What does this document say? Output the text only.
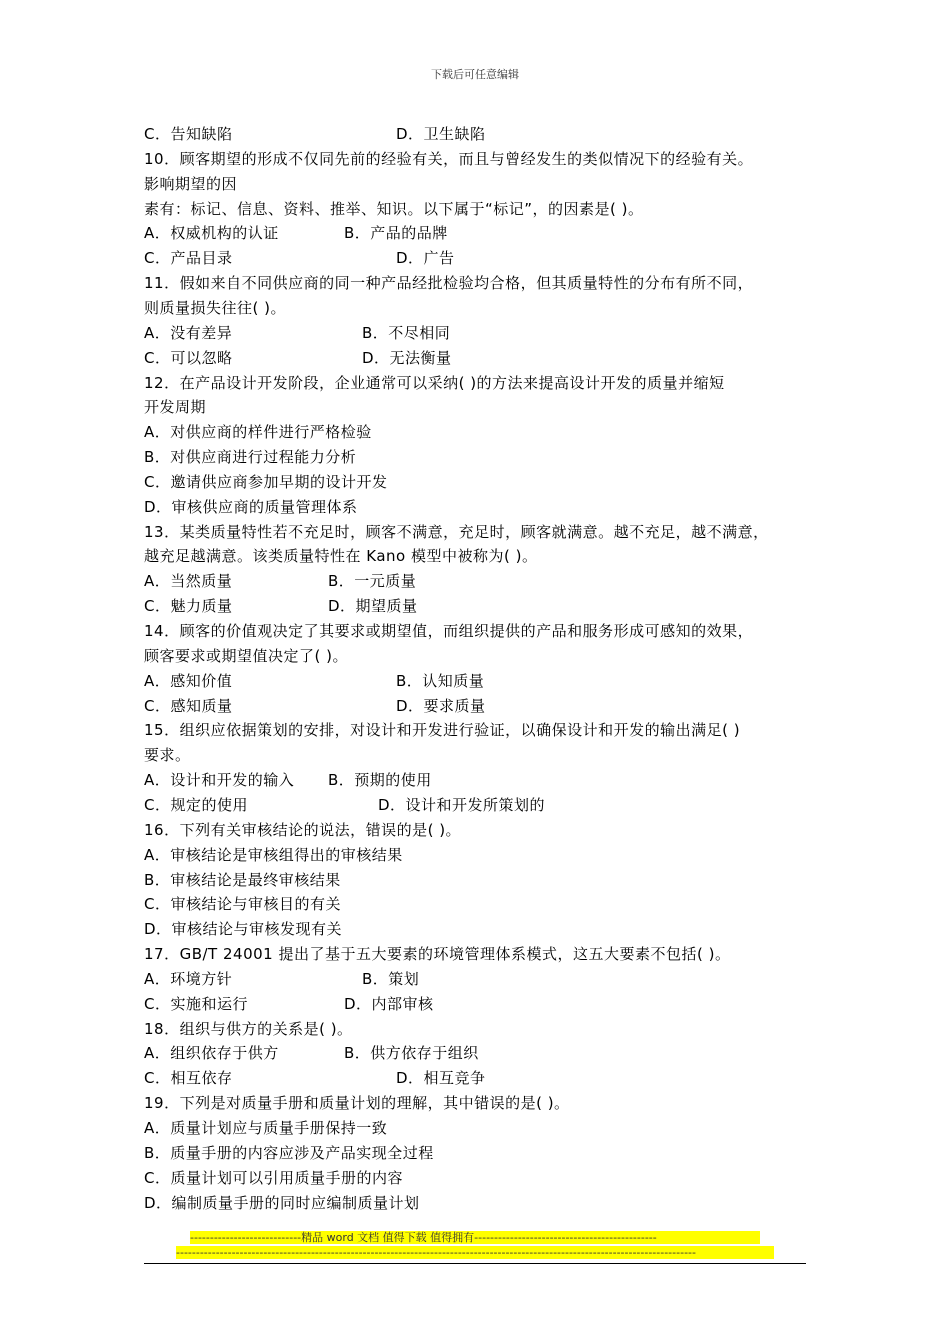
下载后可任意编辑
C．告知缺陷	D．卫生缺陷
10．顾客期望的形成不仅同先前的经验有关，而且与曾经发生的类似情况下的经验有关。
影响期望的因
素有：标记、信息、资料、推举、知识。以下属于“标记”，的因素是( )。
A．权威机构的认证	B．产品的品牌
C．产品目录	D．广告
11．假如来自不同供应商的同一种产品经批检验均合格，但其质量特性的分布有所不同，
则质量损失往往( )。
A．没有差异	B．不尽相同
C．可以忽略	D．无法衡量
12．在产品设计开发阶段，企业通常可以采纳( )的方法来提高设计开发的质量并缩短
开发周期
A．对供应商的样件进行严格检验
B．对供应商进行过程能力分析
C．邀请供应商参加早期的设计开发
D．审核供应商的质量管理体系
13．某类质量特性若不充足时，顾客不满意，充足时，顾客就满意。越不充足，越不满意，
越充足越满意。该类质量特性在 Kano 模型中被称为( )。
A．当然质量	B．一元质量
C．魅力质量	D．期望质量
14．顾客的价值观决定了其要求或期望值，而组织提供的产品和服务形成可感知的效果，
顾客要求或期望值决定了( )。
A．感知价值	B．认知质量
C．感知质量	D．要求质量
15．组织应依据策划的安排，对设计和开发进行验证，以确保设计和开发的输出满足( )
要求。
A．设计和开发的输入 B．预期的使用
C．规定的使用	D．设计和开发所策划的
16．下列有关审核结论的说法，错误的是( )。
A．审核结论是审核组得出的审核结果
B．审核结论是最终审核结果
C．审核结论与审核目的有关
D．审核结论与审核发现有关
17．GB/T 24001 提出了基于五大要素的环境管理体系模式，这五大要素不包括( )。
A．环境方针	B．策划
C．实施和运行	D．内部审核
18．组织与供方的关系是( )。
A．组织依存于供方	B．供方依存于组织
C．相互依存	D．相互竞争
19．下列是对质量手册和质量计划的理解，其中错误的是( )。
A．质量计划应与质量手册保持一致
B．质量手册的内容应涉及产品实现全过程
C．质量计划可以引用质量手册的内容
D．编制质量手册的同时应编制质量计划
----------------------------精品 word 文档 值得下载 值得拥有----------------------------------------------
-----------------------------------------------------------------------------------------------------------------------------------
